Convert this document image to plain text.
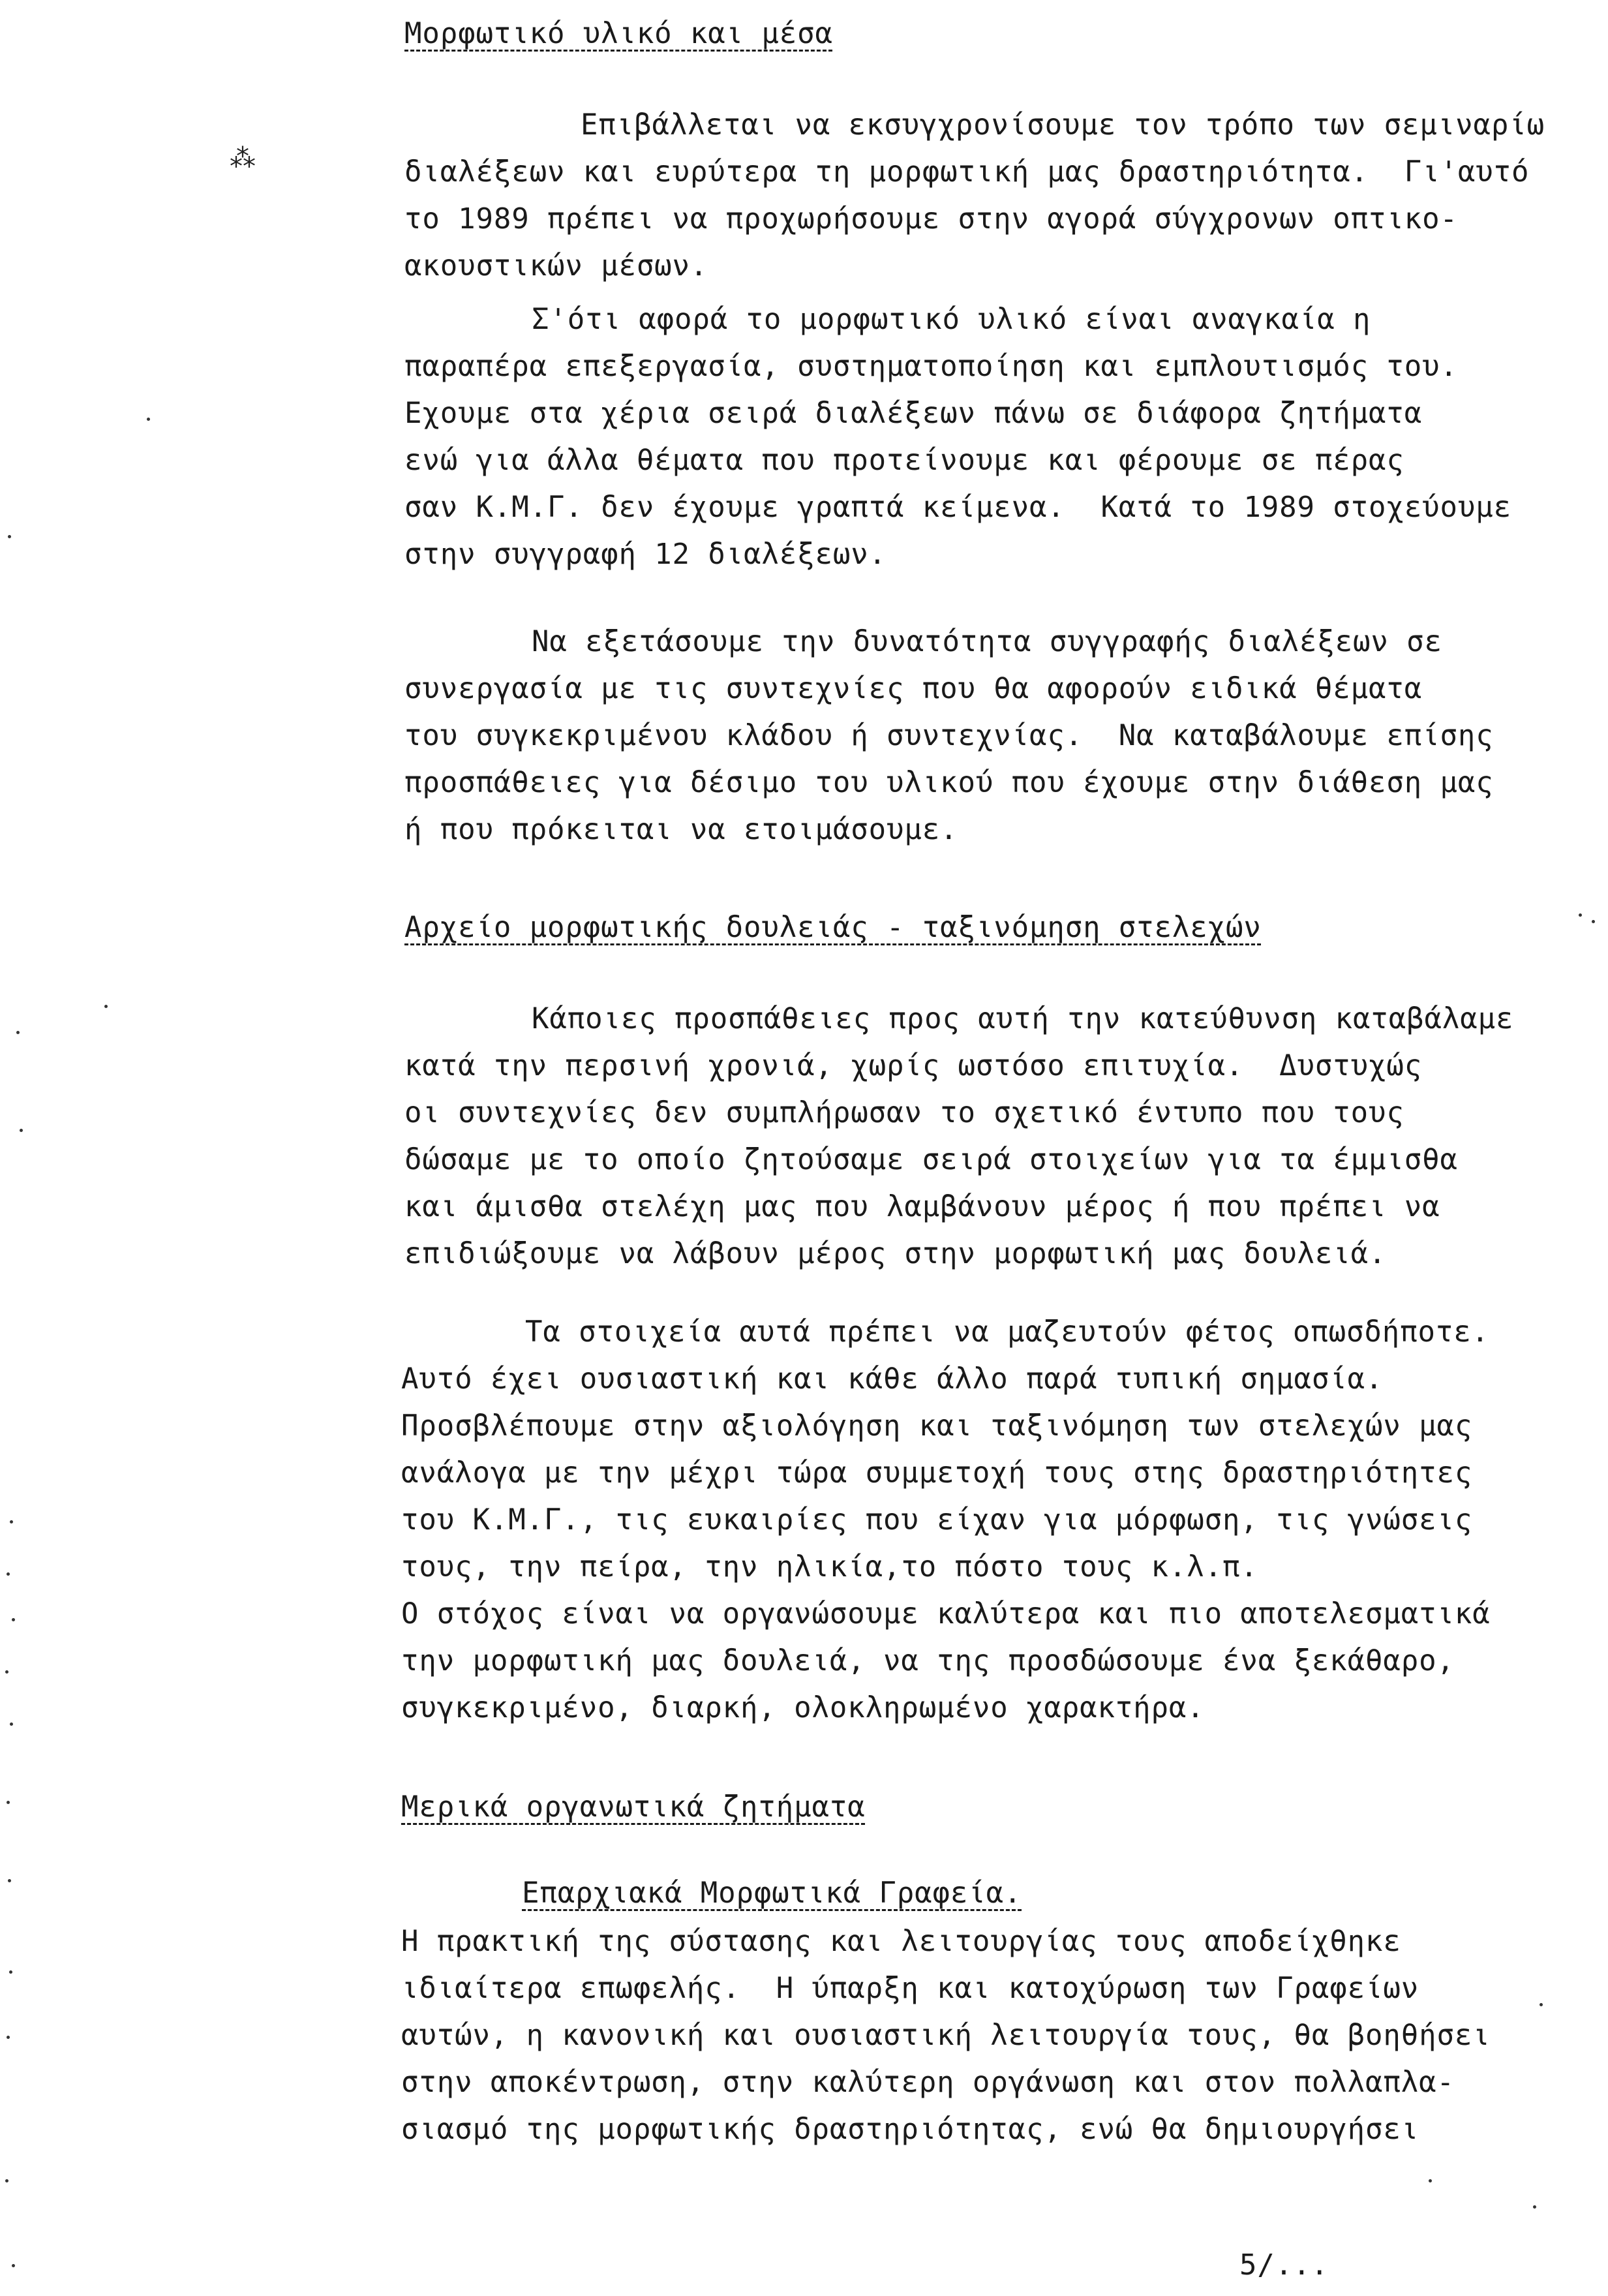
Μορφωτικό υλικό και μέσα
Επιβάλλεται να εκσυγχρονίσουμε τον τρόπο των σεμιναρίω
διαλέξεων και ευρύτερα τη μορφωτική μας δραστηριότητα.  Γι'αυτό
το 1989 πρέπει να προχωρήσουμε στην αγορά σύγχρονων οπτικο-
ακουστικών μέσων.
Σ'ότι αφορά το μορφωτικό υλικό είναι αναγκαία η
παραπέρα επεξεργασία, συστηματοποίηση και εμπλουτισμός του.
Εχουμε στα χέρια σειρά διαλέξεων πάνω σε διάφορα ζητήματα
ενώ για άλλα θέματα που προτείνουμε και φέρουμε σε πέρας
σαν Κ.Μ.Γ. δεν έχουμε γραπτά κείμενα.  Κατά το 1989 στοχεύουμε
στην συγγραφή 12 διαλέξεων.
Να εξετάσουμε την δυνατότητα συγγραφής διαλέξεων σε
συνεργασία με τις συντεχνίες που θα αφορούν ειδικά θέματα
του συγκεκριμένου κλάδου ή συντεχνίας.  Να καταβάλουμε επίσης
προσπάθειες για δέσιμο του υλικού που έχουμε στην διάθεση μας
ή που πρόκειται να ετοιμάσουμε.
Αρχείο μορφωτικής δουλειάς - ταξινόμηση στελεχών
Κάποιες προσπάθειες προς αυτή την κατεύθυνση καταβάλαμε
κατά την περσινή χρονιά, χωρίς ωστόσο επιτυχία.  Δυστυχώς
οι συντεχνίες δεν συμπλήρωσαν το σχετικό έντυπο που τους
δώσαμε με το οποίο ζητούσαμε σειρά στοιχείων για τα έμμισθα
και άμισθα στελέχη μας που λαμβάνουν μέρος ή που πρέπει να
επιδιώξουμε να λάβουν μέρος στην μορφωτική μας δουλειά.
Τα στοιχεία αυτά πρέπει να μαζευτούν φέτος οπωσδήποτε.
Αυτό έχει ουσιαστική και κάθε άλλο παρά τυπική σημασία.
Προσβλέπουμε στην αξιολόγηση και ταξινόμηση των στελεχών μας
ανάλογα με την μέχρι τώρα συμμετοχή τους στης δραστηριότητες
του Κ.Μ.Γ., τις ευκαιρίες που είχαν για μόρφωση, τις γνώσεις
τους, την πείρα, την ηλικία,το πόστο τους κ.λ.π.
Ο στόχος είναι να οργανώσουμε καλύτερα και πιο αποτελεσματικά
την μορφωτική μας δουλειά, να της προσδώσουμε ένα ξεκάθαρο,
συγκεκριμένο, διαρκή, ολοκληρωμένο χαρακτήρα.
Μερικά οργανωτικά ζητήματα
Επαρχιακά Μορφωτικά Γραφεία.
Η πρακτική της σύστασης και λειτουργίας τους αποδείχθηκε
ιδιαίτερα επωφελής.  Η ύπαρξη και κατοχύρωση των Γραφείων
αυτών, η κανονική και ουσιαστική λειτουργία τους, θα βοηθήσει
στην αποκέντρωση, στην καλύτερη οργάνωση και στον πολλαπλα-
σιασμό της μορφωτικής δραστηριότητας, ενώ θα δημιουργήσει
5/...
⁂
